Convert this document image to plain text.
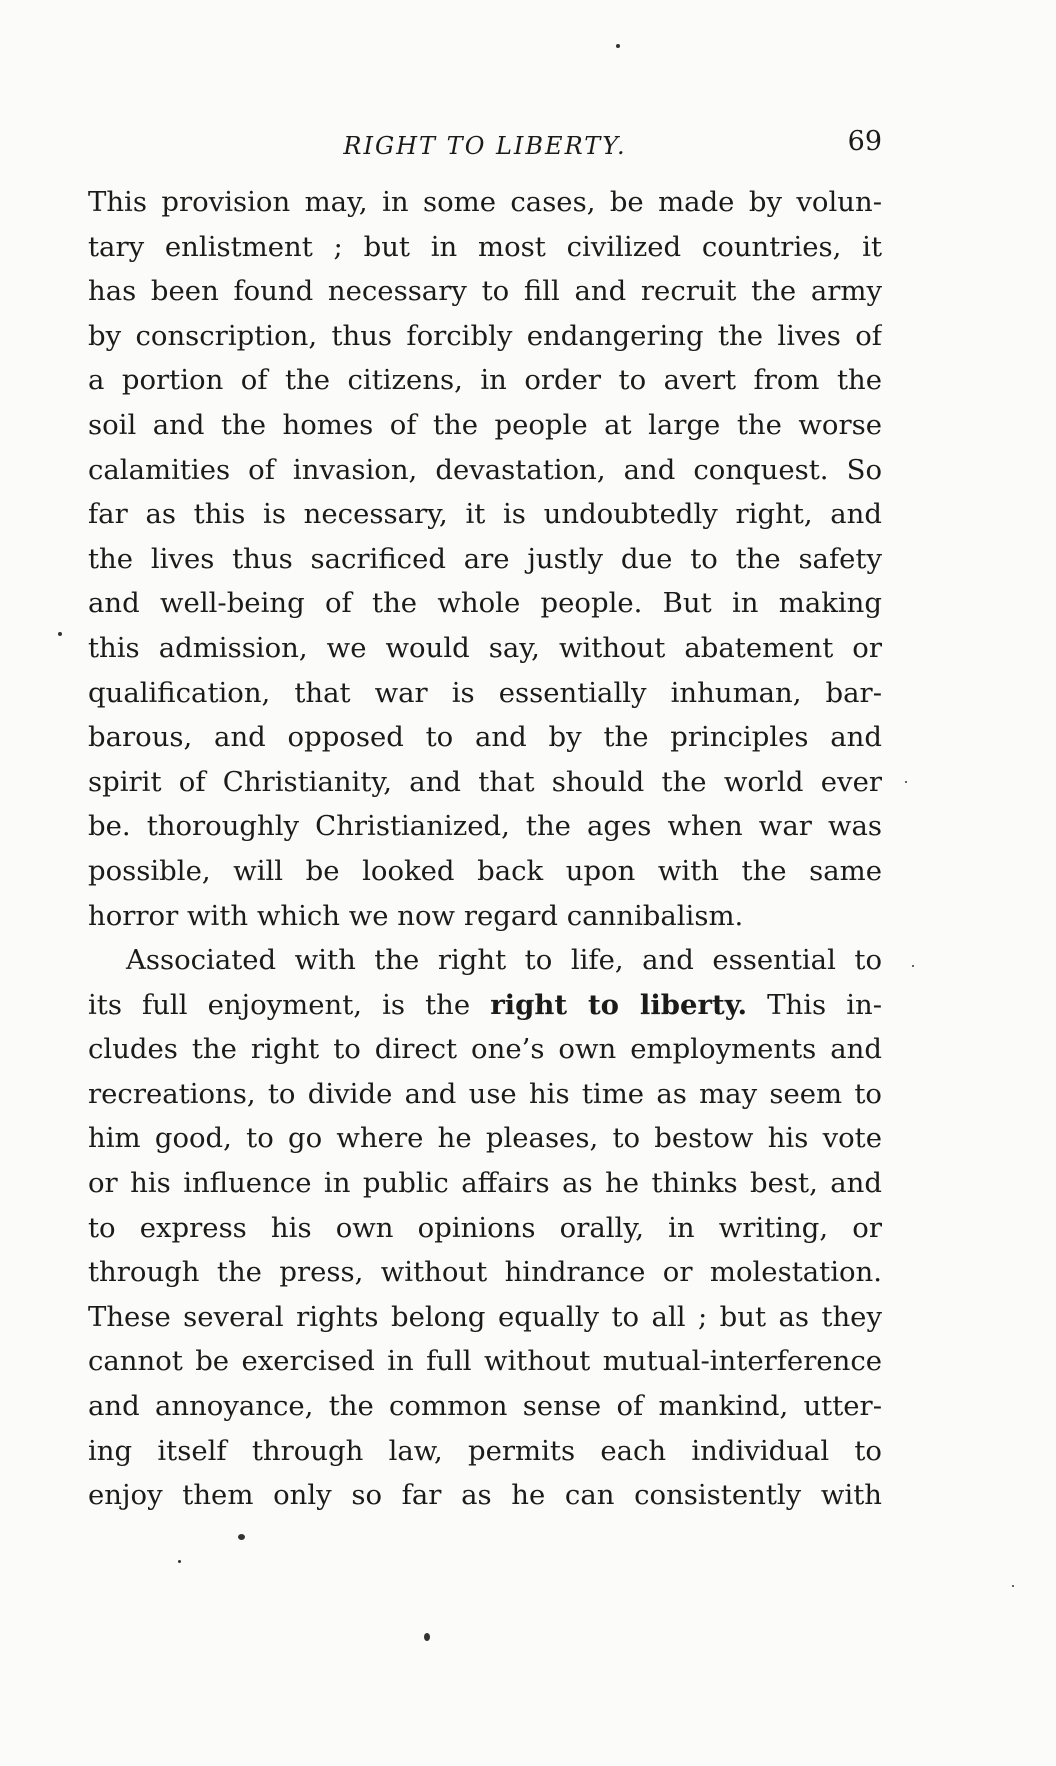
RIGHT TO LIBERTY.	69
This provision may, in some cases, be made by volun-
tary enlistment ; but in most civilized countries, it
has been found necessary to fill and recruit the army
by conscription, thus forcibly endangering the lives of
a portion of the citizens, in order to avert from the
soil and the homes of the people at large the worse
calamities of invasion, devastation, and conquest. So
far as this is necessary, it is undoubtedly right, and
the lives thus sacrificed are justly due to the safety
and well-being of the whole people. But in making
this admission, we would say, without abatement or
qualification, that war is essentially inhuman, bar-
barous, and opposed to and by the principles and
spirit of Christianity, and that should the world ever
be. thoroughly Christianized, the ages when war was
possible, will be looked back upon with the same
horror with which we now regard cannibalism.
Associated with the right to life, and essential to
its full enjoyment, is the right to liberty. This in-
cludes the right to direct one’s own employments and
recreations, to divide and use his time as may seem to
him good, to go where he pleases, to bestow his vote
or his influence in public affairs as he thinks best, and
to express his own opinions orally, in writing, or
through the press, without hindrance or molestation.
These several rights belong equally to all ; but as they
cannot be exercised in full without mutual-interference
and annoyance, the common sense of mankind, utter-
ing itself through law, permits each individual to
enjoy them only so far as he can consistently with
